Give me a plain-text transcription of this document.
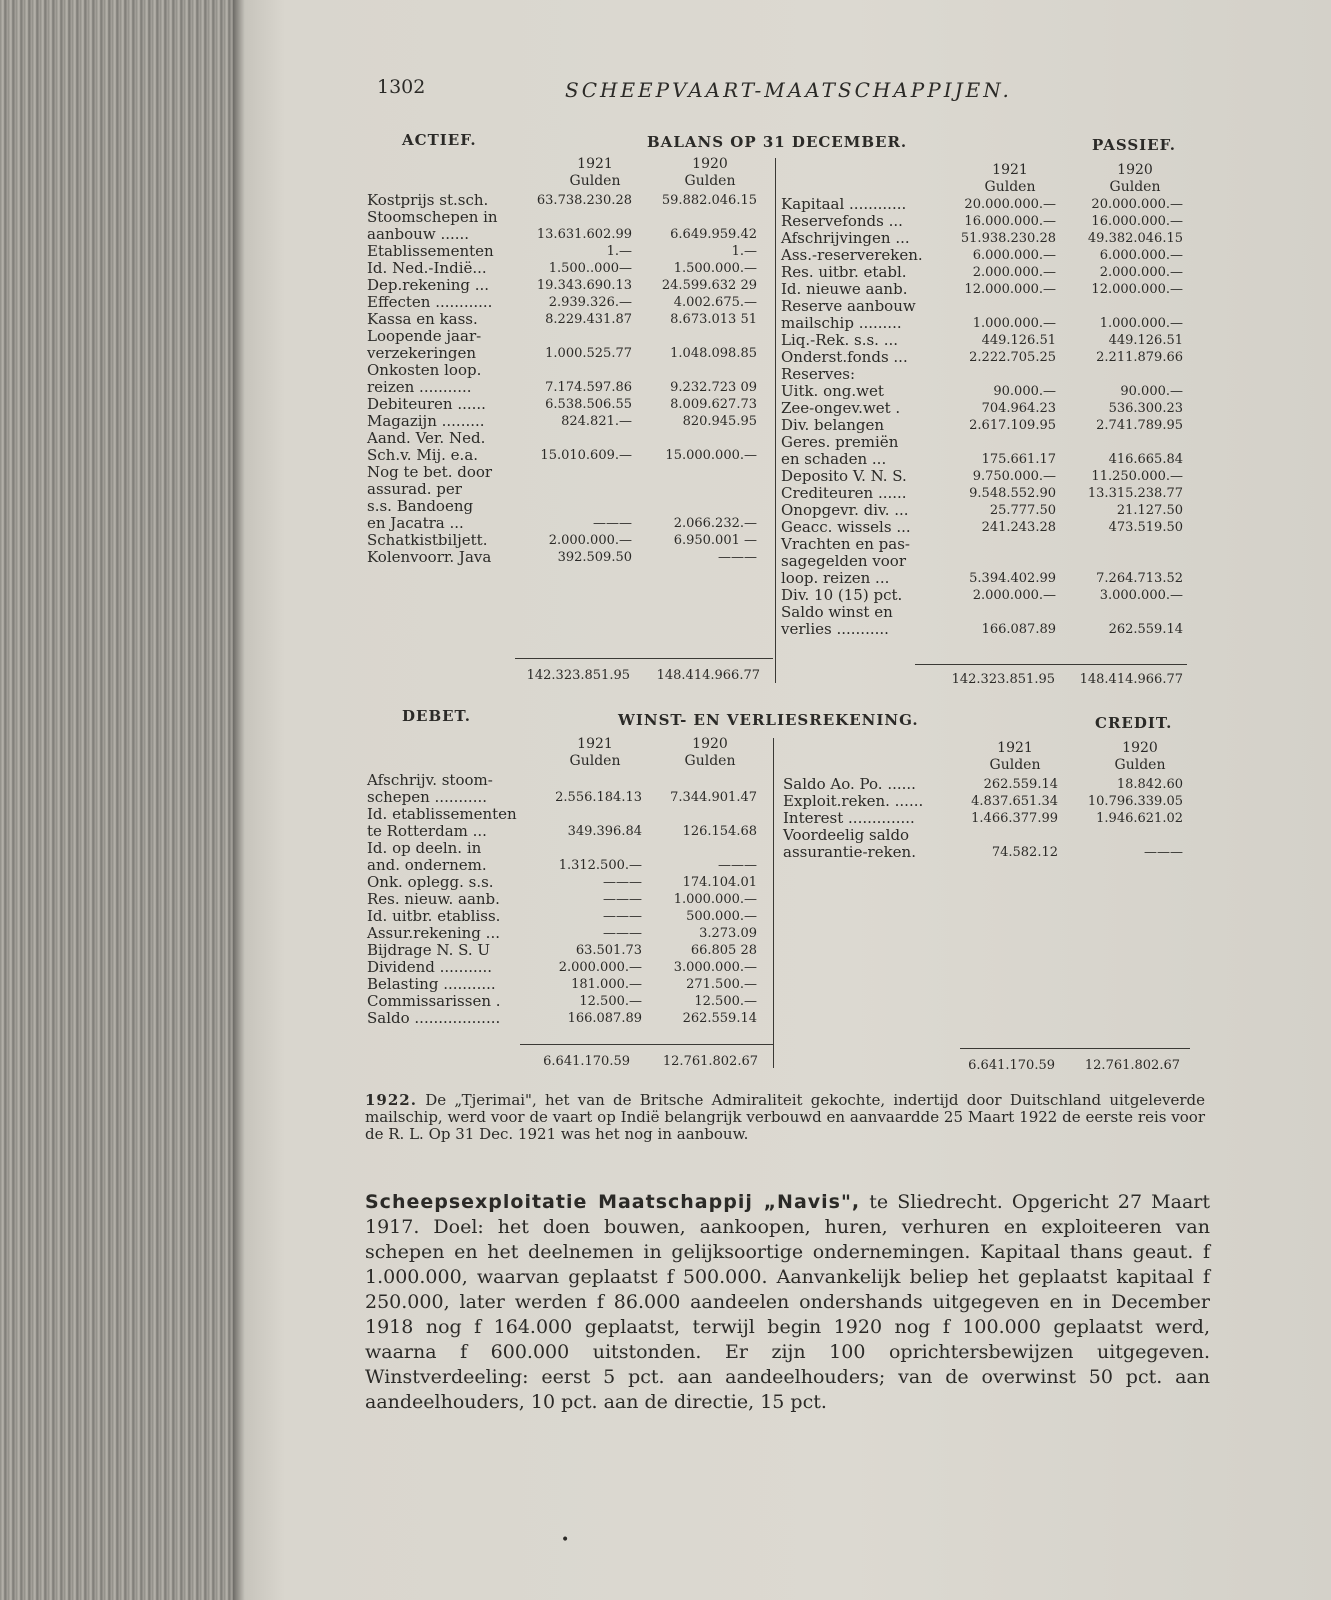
1302	SCHEEPVAART-MAATSCHAPPIJEN.
ACTIEF.	BALANS OP 31 DECEMBER.	PASSIEF.
1921
Gulden
1920
Gulden
1921
Gulden
1920
Gulden
Kostprijs st.sch.	63.738.230.28 59.882.046.15
Stoomschepen in
aanbouw ......	13.631.602.99	6.649.959.42
Etablissementen	1.—	1.—
Id. Ned.-Indië...	1.500..000—	1.500.000.—
Dep.rekening ...	19.343.690.13 24.599.632 29
Effecten ............	2.939.326.—	4.002.675.—
Kassa en kass.	8.229.431.87	8.673.013 51
Loopende jaar-
verzekeringen	1.000.525.77	1.048.098.85
Onkosten loop.
reizen ...........	7.174.597.86	9.232.723 09
Debiteuren ......	6.538.506.55	8.009.627.73
Magazijn .........	824.821.—	820.945.95
Aand. Ver. Ned.
Sch.v. Mij. e.a.	15.010.609.—	15.000.000.—
Nog te bet. door
assurad. per
s.s. Bandoeng
en Jacatra ...	———	2.066.232.—
Schatkistbiljett.	2.000.000.—	6.950.001 —
Kolenvoorr. Java	392.509.50	———
Kapitaal ............	20.000.000.—	20.000.000.—
Reservefonds ...	16.000.000.—	16.000.000.—
Afschrijvingen ...	51.938.230.28 49.382.046.15
Ass.-reservereken.	6.000.000.—	6.000.000.—
Res. uitbr. etabl.	2.000.000.—	2.000.000.—
Id. nieuwe aanb.	12.000.000.—	12.000.000.—
Reserve aanbouw
mailschip .........	1.000.000.—	1.000.000.—
Liq.-Rek. s.s. ...	449.126.51	449.126.51
Onderst.fonds ...	2.222.705.25	2.211.879.66
Reserves:
Uitk. ong.wet	90.000.—	90.000.—
Zee-ongev.wet .	704.964.23	536.300.23
Div. belangen	2.617.109.95	2.741.789.95
Geres. premiën
en schaden ...	175.661.17	416.665.84
Deposito V. N. S.	9.750.000.—	11.250.000.—
Crediteuren ......	9.548.552.90 13.315.238.77
Onopgevr. div. ...	25.777.50	21.127.50
Geacc. wissels ...	241.243.28	473.519.50
Vrachten en pas-
sagegelden voor
loop. reizen ...	5.394.402.99	7.264.713.52
Div. 10 (15) pct.	2.000.000.—	3.000.000.—
Saldo winst en
verlies ...........	166.087.89	262.559.14
142.323.851.95	148.414.966.77	142.323.851.95	148.414.966.77
DEBET.	WINST- EN VERLIESREKENING.	CREDIT.
1921
Gulden
1920
Gulden
1921
Gulden
1920
Gulden
Afschrijv. stoom-
schepen ...........	2.556.184.13 7.344.901.47
Id. etablissementen
te Rotterdam ...	349.396.84	126.154.68
Id. op deeln. in
and. ondernem.	1.312.500.—	———
Onk. oplegg. s.s.	———	174.104.01
Res. nieuw. aanb.	——— 1.000.000.—
Id. uitbr. etabliss.	———	500.000.—
Assur.rekening ...	———	3.273.09
Bijdrage N. S. U	63.501.73	66.805 28
Dividend ...........	2.000.000.— 3.000.000.—
Belasting ...........	181.000.—	271.500.—
Commissarissen .	12.500.—	12.500.—
Saldo ..................	166.087.89	262.559.14
Saldo Ao. Po. ......	262.559.14	18.842.60
Exploit.reken. ......	4.837.651.34 10.796.339.05
Interest ..............	1.466.377.99	1.946.621.02
Voordeelig saldo
assurantie-reken.	74.582.12	———
6.641.170.59	12.761.802.67	6.641.170.59	12.761.802.67
1922. De „Tjerimai", het van de Britsche Admiraliteit gekochte, indertijd door Duitschland uitgeleverde mailschip, werd voor de vaart op Indië belangrijk verbouwd en aanvaardde 25 Maart 1922 de eerste reis voor de R. L. Op 31 Dec. 1921 was het nog in aanbouw.
Scheepsexploitatie Maatschappij „Navis", te Sliedrecht. Opgericht 27 Maart 1917. Doel: het doen bouwen, aankoopen, huren, verhuren en exploiteeren van schepen en het deelnemen in gelijksoortige ondernemingen. Kapitaal thans geaut. f 1.000.000, waarvan geplaatst f 500.000. Aanvankelijk beliep het geplaatst kapitaal f 250.000, later werden f 86.000 aandeelen ondershands uitgegeven en in December 1918 nog f 164.000 geplaatst, terwijl begin 1920 nog f 100.000 geplaatst werd, waarna f 600.000 uitstonden. Er zijn 100 oprichtersbewijzen uitgegeven. Winstverdeeling: eerst 5 pct. aan aandeelhouders; van de overwinst 50 pct. aan aandeelhouders, 10 pct. aan de directie, 15 pct.
•
